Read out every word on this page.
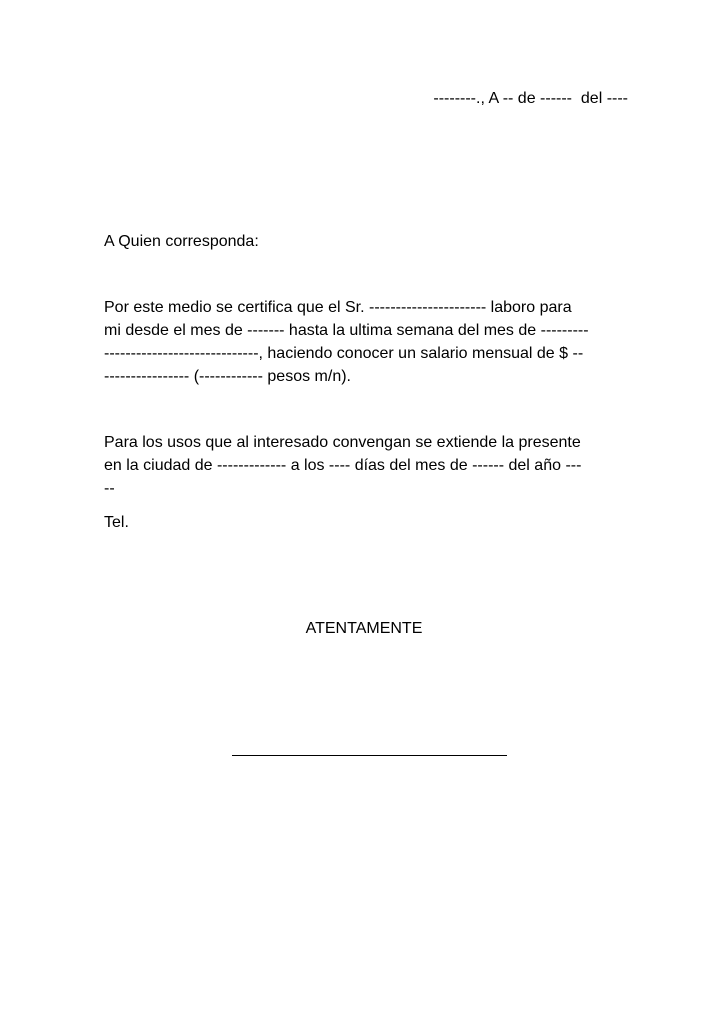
--------., A -- de ------  del ----
A Quien corresponda:
Por este medio se certifica que el Sr. ---------------------- laboro para
mi desde el mes de ------- hasta la ultima semana del mes de ---------
-----------------------------, haciendo conocer un salario mensual de $ --
---------------- (------------ pesos m/n).
Para los usos que al interesado convengan se extiende la presente
en la ciudad de ------------- a los ---- días del mes de ------ del año ---
--
Tel.
ATENTAMENTE
